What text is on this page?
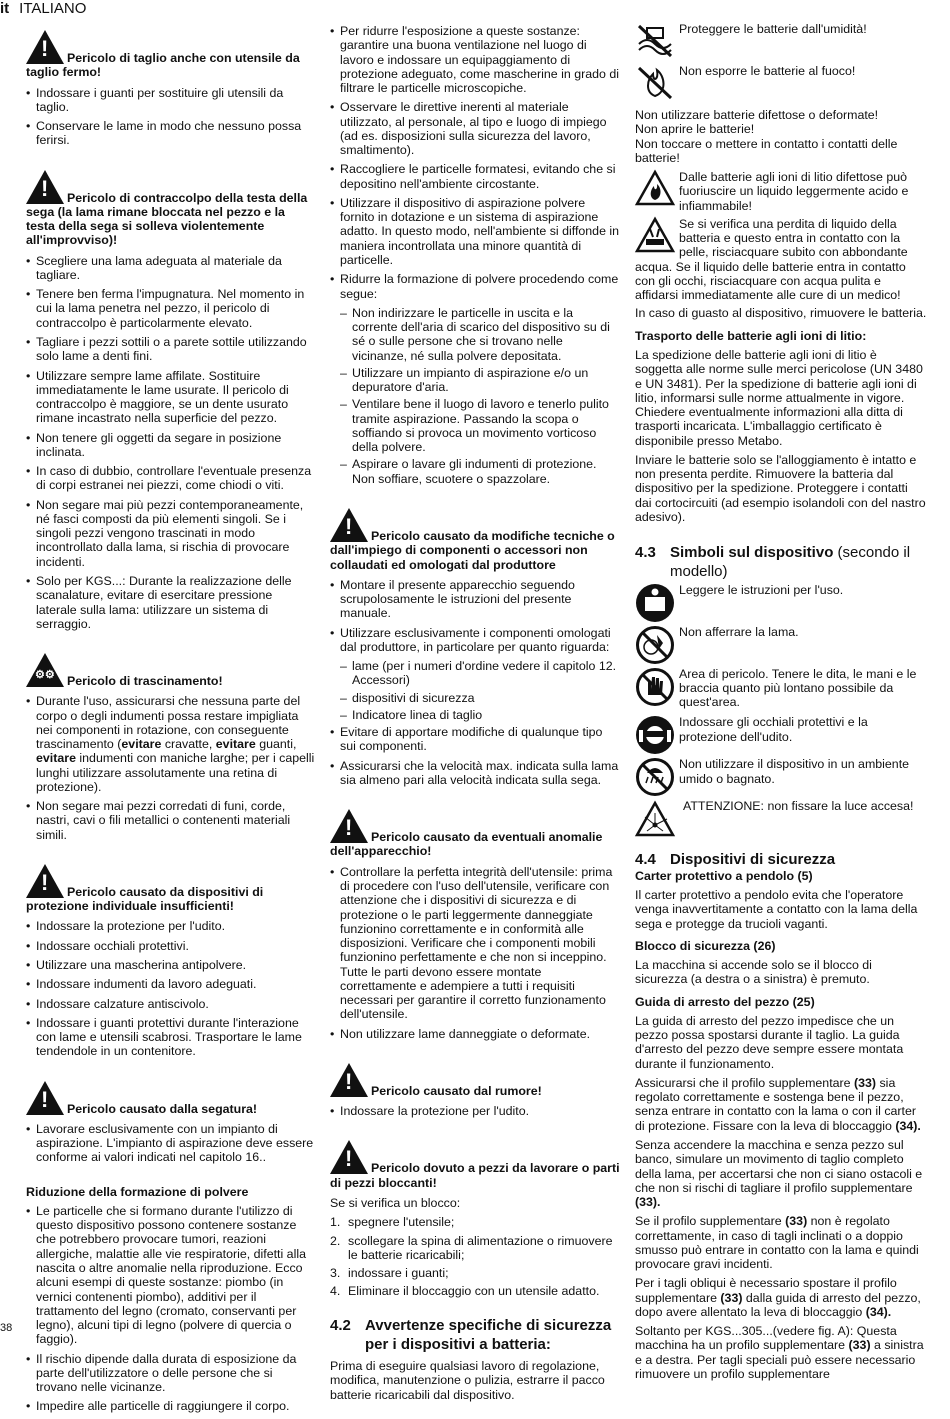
it ITALIANO
38
!Pericolo di taglio anche con utensile da taglio fermo!
• Indossare i guanti per sostituire gli utensili da taglio.
• Conservare le lame in modo che nessuno possa ferirsi.
!Pericolo di contraccolpo della testa della sega (la lama rimane bloccata nel pezzo e la testa della sega si solleva violentemente all'improvviso)!
• Scegliere una lama adeguata al materiale da tagliare.
• Tenere ben ferma l'impugnatura. Nel momento in cui la lama penetra nel pezzo, il pericolo di contraccolpo è particolarmente elevato.
• Tagliare i pezzi sottili o a parete sottile utilizzando solo lame a denti fini.
• Utilizzare sempre lame affilate. Sostituire immediatamente le lame usurate. Il pericolo di contraccolpo è maggiore, se un dente usurato rimane incastrato nella superficie del pezzo.
• Non tenere gli oggetti da segare in posizione inclinata.
• In caso di dubbio, controllare l'eventuale presenza di corpi estranei nei piezzi, come chiodi o viti.
• Non segare mai più pezzi contemporaneamente, né fasci composti da più elementi singoli. Se i singoli pezzi vengono trascinati in modo incontrollato dalla lama, si rischia di provocare incidenti.
• Solo per KGS...: Durante la realizzazione delle scanalature, evitare di esercitare pressione laterale sulla lama: utilizzare un sistema di serraggio.
⚙⚙Pericolo di trascinamento!
• Durante l'uso, assicurarsi che nessuna parte del corpo o degli indumenti possa restare impigliata nei componenti in rotazione, con conseguente trascinamento (evitare cravatte, evitare guanti, evitare indumenti con maniche larghe; per i capelli lunghi utilizzare assolutamente una retina di protezione).
• Non segare mai pezzi corredati di funi, corde, nastri, cavi o fili metallici o contenenti materiali simili.
!Pericolo causato da dispositivi di protezione individuale insufficienti!
• Indossare la protezione per l'udito.
• Indossare occhiali protettivi.
• Utilizzare una mascherina antipolvere.
• Indossare indumenti da lavoro adeguati.
• Indossare calzature antiscivolo.
• Indossare i guanti protettivi durante l'interazione con lame e utensili scabrosi. Trasportare le lame tendendole in un contenitore.
!Pericolo causato dalla segatura!
• Lavorare esclusivamente con un impianto di aspirazione. L'impianto di aspirazione deve essere conforme ai valori indicati nel capitolo 16..
Riduzione della formazione di polvere
• Le particelle che si formano durante l'utilizzo di questo dispositivo possono contenere sostanze che potrebbero provocare tumori, reazioni allergiche, malattie alle vie respiratorie, difetti alla nascita o altre anomalie nella riproduzione. Ecco alcuni esempi di queste sostanze: piombo (in vernici contenenti piombo), additivi per il trattamento del legno (cromato, conservanti per legno), alcuni tipi di legno (polvere di quercia o faggio).
• Il rischio dipende dalla durata di esposizione da parte dell'utilizzatore o delle persone che si trovano nelle vicinanze.
• Impedire alle particelle di raggiungere il corpo.
• Per ridurre l'esposizione a queste sostanze: garantire una buona ventilazione nel luogo di lavoro e indossare un equipaggiamento di protezione adeguato, come mascherine in grado di filtrare le particelle microscopiche.
• Osservare le direttive inerenti al materiale utilizzato, al personale, al tipo e luogo di impiego (ad es. disposizioni sulla sicurezza del lavoro, smaltimento).
• Raccogliere le particelle formatesi, evitando che si depositino nell'ambiente circostante.
• Utilizzare il dispositivo di aspirazione polvere fornito in dotazione e un sistema di aspirazione adatto. In questo modo, nell'ambiente si diffonde in maniera incontrollata una minore quantità di particelle.
• Ridurre la formazione di polvere procedendo come segue:
– Non indirizzare le particelle in uscita e la corrente dell'aria di scarico del dispositivo su di sé o sulle persone che si trovano nelle vicinanze, né sulla polvere depositata.
– Utilizzare un impianto di aspirazione e/o un depuratore d'aria.
– Ventilare bene il luogo di lavoro e tenerlo pulito tramite aspirazione. Passando la scopa o soffiando si provoca un movimento vorticoso della polvere.
– Aspirare o lavare gli indumenti di protezione. Non soffiare, scuotere o spazzolare.
!Pericolo causato da modifiche tecniche o dall'impiego di componenti o accessori non collaudati ed omologati dal produttore
• Montare il presente apparecchio seguendo scrupolosamente le istruzioni del presente manuale.
• Utilizzare esclusivamente i componenti omologati dal produttore, in particolare per quanto riguarda:
– lame (per i numeri d'ordine vedere il capitolo 12. Accessori)
– dispositivi di sicurezza
– Indicatore linea di taglio
• Evitare di apportare modifiche di qualunque tipo sui componenti.
• Assicurarsi che la velocità max. indicata sulla lama sia almeno pari alla velocità indicata sulla sega.
!Pericolo causato da eventuali anomalie dell'apparecchio!
• Controllare la perfetta integrità dell'utensile: prima di procedere con l'uso dell'utensile, verificare con attenzione che i dispositivi di sicurezza e di protezione o le parti leggermente danneggiate funzionino correttamente e in conformità alle disposizioni. Verificare che i componenti mobili funzionino perfettamente e che non si inceppino. Tutte le parti devono essere montate correttamente e adempiere a tutti i requisiti necessari per garantire il corretto funzionamento dell'utensile.
• Non utilizzare lame danneggiate o deformate.
!Pericolo causato dal rumore!
• Indossare la protezione per l'udito.
!Pericolo dovuto a pezzi da lavorare o parti di pezzi bloccanti!

Se si verifica un blocco:

1. spegnere l'utensile;
2. scollegare la spina di alimentazione o rimuovere le batterie ricaricabili;
3. indossare i guanti;
4. Eliminare il bloccaggio con un utensile adatto.
4.2 Avvertenze specifiche di sicurezza
per i dispositivi a batteria:

Prima di eseguire qualsiasi lavoro di regolazione, modifica, manutenzione o pulizia, estrarre il pacco batterie ricaricabili dal dispositivo.

Proteggere le batterie dall'umidità!
Non esporre le batterie al fuoco!

Non utilizzare batterie difettose o deformate!
Non aprire le batterie!
Non toccare o mettere in contatto i contatti delle batterie!

Dalle batterie agli ioni di litio difettose può fuoriuscire un liquido leggermente acido e infiammabile!
Se si verifica una perdita di liquido della batteria e questo entra in contatto con la pelle, risciacquare subito con abbondante acqua. Se il liquido delle batterie entra in contatto con gli occhi, risciacquare con acqua pulita e affidarsi immediatamente alle cure di un medico!

In caso di guasto al dispositivo, rimuovere le batteria.

Trasporto delle batterie agli ioni di litio:

La spedizione delle batterie agli ioni di litio è soggetta alle norme sulle merci pericolose (UN 3480 e UN 3481). Per la spedizione di batterie agli ioni di litio, informarsi sulle norme attualmente in vigore. Chiedere eventualmente informazioni alla ditta di trasporti incaricata. L'imballaggio certificato è disponibile presso Metabo.

Inviare le batterie solo se l'alloggiamento è intatto e non presenta perdite. Rimuovere la batteria dal dispositivo per la spedizione. Proteggere i contatti dai cortocircuiti (ad esempio isolandoli con del nastro adesivo).

4.3 Simboli sul dispositivo (secondo il
modello)
Leggere le istruzioni per l'uso.
Non afferrare la lama.
Area di pericolo. Tenere le dita, le mani e le braccia quanto più lontano possibile da quest'area.
Indossare gli occhiali protettivi e la protezione dell'udito.
Non utilizzare il dispositivo in un ambiente umido o bagnato.
ATTENZIONE: non fissare la luce accesa!
4.4 Dispositivi di sicurezza
Carter protettivo a pendolo (5)

Il carter protettivo a pendolo evita che l'operatore venga inavvertitamente a contatto con la lama della sega e protegge da trucioli vaganti.

Blocco di sicurezza (26)

La macchina si accende solo se il blocco di sicurezza (a destra o a sinistra) è premuto.

Guida di arresto del pezzo (25)

La guida di arresto del pezzo impedisce che un pezzo possa spostarsi durante il taglio. La guida d'arresto del pezzo deve sempre essere montata durante il funzionamento.

Assicurarsi che il profilo supplementare (33) sia regolato correttamente e sostenga bene il pezzo, senza entrare in contatto con la lama o con il carter di protezione. Fissare con la leva di bloccaggio (34).

Senza accendere la macchina e senza pezzo sul banco, simulare un movimento di taglio completo della lama, per accertarsi che non ci siano ostacoli e che non si rischi di tagliare il profilo supplementare (33).

Se il profilo supplementare (33) non è regolato correttamente, in caso di tagli inclinati o a doppio smusso può entrare in contatto con la lama e quindi provocare gravi incidenti.

Per i tagli obliqui è necessario spostare il profilo supplementare (33) dalla guida di arresto del pezzo, dopo avere allentato la leva di bloccaggio (34).

Soltanto per KGS...305...(vedere fig. A): Questa macchina ha un profilo supplementare (33) a sinistra e a destra. Per tagli speciali può essere necessario rimuovere un profilo supplementare
